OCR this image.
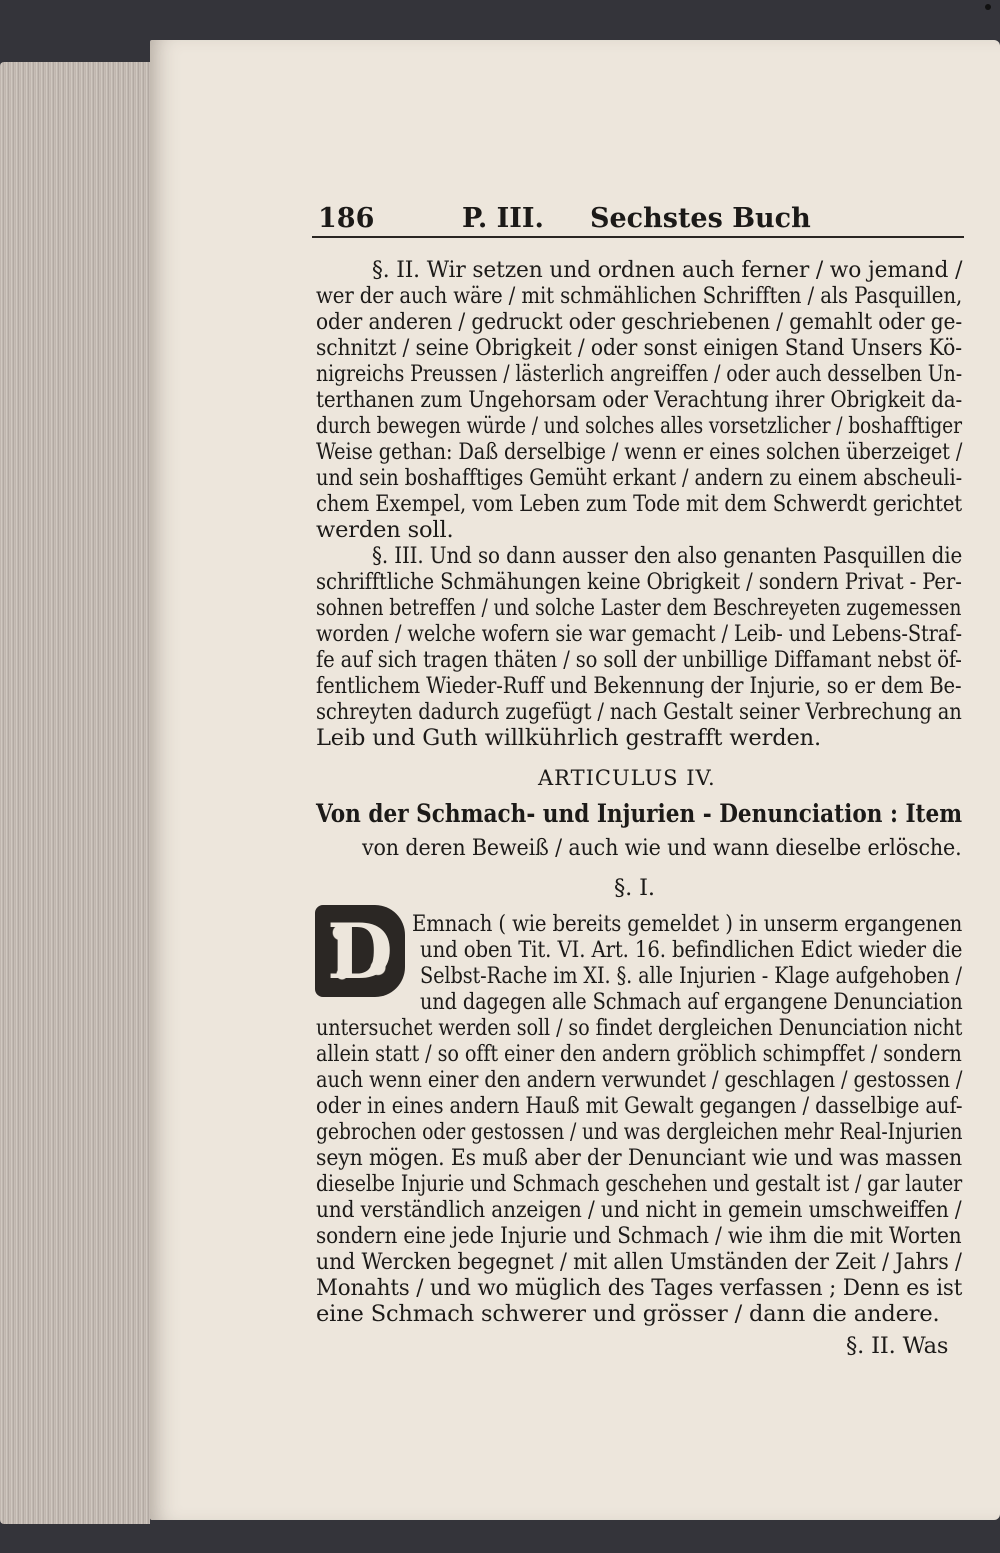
186	P. III. Sechstes Buch
§. II. Wir setzen und ordnen auch ferner / wo jemand /
wer der auch wäre / mit schmählichen Schrifften / als Pasquillen,
oder anderen / gedruckt oder geschriebenen / gemahlt oder ge-
schnitzt / seine Obrigkeit / oder sonst einigen Stand Unsers Kö-
nigreichs Preussen / lästerlich angreiffen / oder auch desselben Un-
terthanen zum Ungehorsam oder Verachtung ihrer Obrigkeit da-
durch bewegen würde / und solches alles vorsetzlicher / boshafftiger
Weise gethan: Daß derselbige / wenn er eines solchen überzeiget /
und sein boshafftiges Gemüht erkant / andern zu einem abscheuli-
chem Exempel, vom Leben zum Tode mit dem Schwerdt gerichtet
werden soll.
§. III. Und so dann ausser den also genanten Pasquillen die
schrifftliche Schmähungen keine Obrigkeit / sondern Privat - Per-
sohnen betreffen / und solche Laster dem Beschreyeten zugemessen
worden / welche wofern sie war gemacht / Leib- und Lebens-Straf-
fe auf sich tragen thäten / so soll der unbillige Diffamant nebst öf-
fentlichem Wieder-Ruff und Bekennung der Injurie, so er dem Be-
schreyten dadurch zugefügt / nach Gestalt seiner Verbrechung an
Leib und Guth willkührlich gestrafft werden.
ARTICULUS IV.
Von der Schmach- und Injurien - Denunciation : Item
von deren Beweiß / auch wie und wann dieselbe erlösche.
§. I.
D Emnach ( wie bereits gemeldet ) in unserm ergangenen
und oben Tit. VI. Art. 16. befindlichen Edict wieder die
Selbst-Rache im XI. §. alle Injurien - Klage aufgehoben /
und dagegen alle Schmach auf ergangene Denunciation
untersuchet werden soll / so findet dergleichen Denunciation nicht
allein statt / so offt einer den andern gröblich schimpffet / sondern
auch wenn einer den andern verwundet / geschlagen / gestossen /
oder in eines andern Hauß mit Gewalt gegangen / dasselbige auf-
gebrochen oder gestossen / und was dergleichen mehr Real-Injurien
seyn mögen. Es muß aber der Denunciant wie und was massen
dieselbe Injurie und Schmach geschehen und gestalt ist / gar lauter
und verständlich anzeigen / und nicht in gemein umschweiffen /
sondern eine jede Injurie und Schmach / wie ihm die mit Worten
und Wercken begegnet / mit allen Umständen der Zeit / Jahrs /
Monahts / und wo müglich des Tages verfassen ; Denn es ist
eine Schmach schwerer und grösser / dann die andere.
§. II. Was
